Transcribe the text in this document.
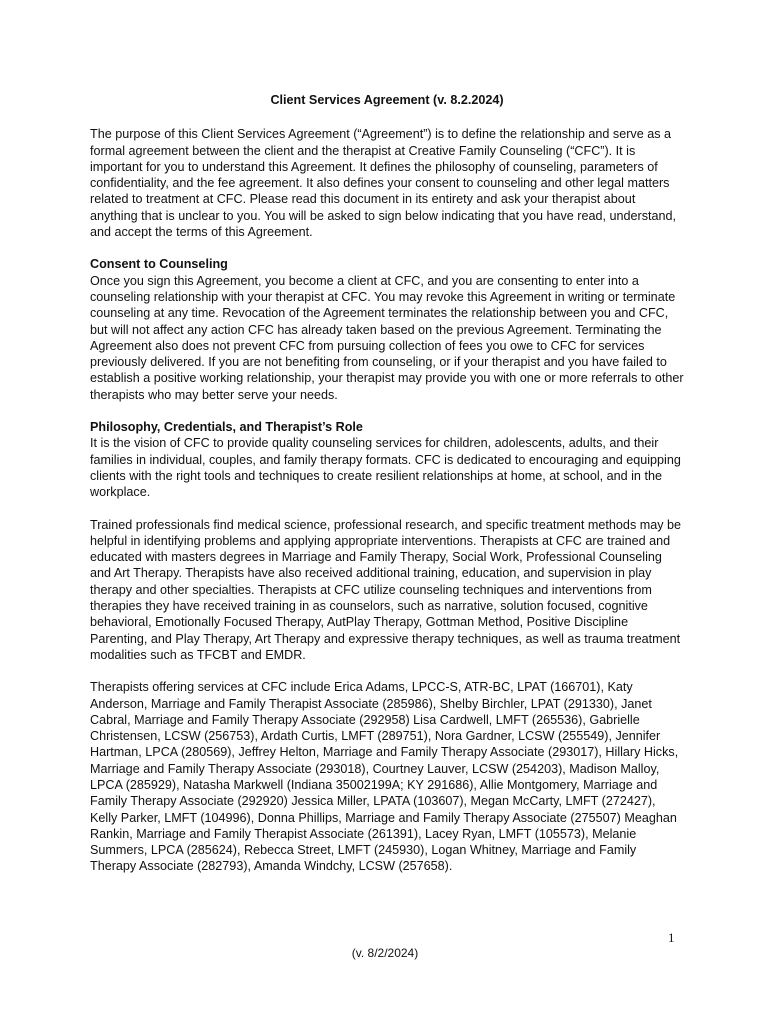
Client Services Agreement (v. 8.2.2024)

The purpose of this Client Services Agreement (“Agreement”) is to define the relationship and serve as a formal agreement between the client and the therapist at Creative Family Counseling (“CFC”). It is important for you to understand this Agreement. It defines the philosophy of counseling, parameters of confidentiality, and the fee agreement. It also defines your consent to counseling and other legal matters related to treatment at CFC. Please read this document in its entirety and ask your therapist about anything that is unclear to you. You will be asked to sign below indicating that you have read, understand, and accept the terms of this Agreement.

Consent to Counseling
Once you sign this Agreement, you become a client at CFC, and you are consenting to enter into a counseling relationship with your therapist at CFC. You may revoke this Agreement in writing or terminate counseling at any time. Revocation of the Agreement terminates the relationship between you and CFC, but will not affect any action CFC has already taken based on the previous Agreement. Terminating the Agreement also does not prevent CFC from pursuing collection of fees you owe to CFC for services previously delivered. If you are not benefiting from counseling, or if your therapist and you have failed to establish a positive working relationship, your therapist may provide you with one or more referrals to other therapists who may better serve your needs.

Philosophy, Credentials, and Therapist’s Role
It is the vision of CFC to provide quality counseling services for children, adolescents, adults, and their families in individual, couples, and family therapy formats. CFC is dedicated to encouraging and equipping clients with the right tools and techniques to create resilient relationships at home, at school, and in the workplace.

Trained professionals find medical science, professional research, and specific treatment methods may be helpful in identifying problems and applying appropriate interventions. Therapists at CFC are trained and educated with masters degrees in Marriage and Family Therapy, Social Work, Professional Counseling and Art Therapy. Therapists have also received additional training, education, and supervision in play therapy and other specialties. Therapists at CFC utilize counseling techniques and interventions from therapies they have received training in as counselors, such as narrative, solution focused, cognitive behavioral, Emotionally Focused Therapy, AutPlay Therapy, Gottman Method, Positive Discipline Parenting, and Play Therapy, Art Therapy and expressive therapy techniques, as well as trauma treatment modalities such as TFCBT and EMDR.

Therapists offering services at CFC include Erica Adams, LPCC-S, ATR-BC, LPAT (166701), Katy Anderson, Marriage and Family Therapist Associate (285986), Shelby Birchler, LPAT (291330), Janet Cabral, Marriage and Family Therapy Associate (292958) Lisa Cardwell, LMFT (265536), Gabrielle Christensen, LCSW (256753), Ardath Curtis, LMFT (289751), Nora Gardner, LCSW (255549), Jennifer Hartman, LPCA (280569), Jeffrey Helton, Marriage and Family Therapy Associate (293017), Hillary Hicks, Marriage and Family Therapy Associate (293018), Courtney Lauver, LCSW (254203), Madison Malloy, LPCA (285929), Natasha Markwell (Indiana 35002199A; KY 291686), Allie Montgomery, Marriage and Family Therapy Associate (292920) Jessica Miller, LPATA (103607), Megan McCarty, LMFT (272427), Kelly Parker, LMFT (104996), Donna Phillips, Marriage and Family Therapy Associate (275507) Meaghan Rankin, Marriage and Family Therapist Associate (261391), Lacey Ryan, LMFT (105573), Melanie Summers, LPCA (285624), Rebecca Street, LMFT (245930), Logan Whitney, Marriage and Family Therapy Associate (282793), Amanda Windchy, LCSW (257658).

1
(v. 8/2/2024)
